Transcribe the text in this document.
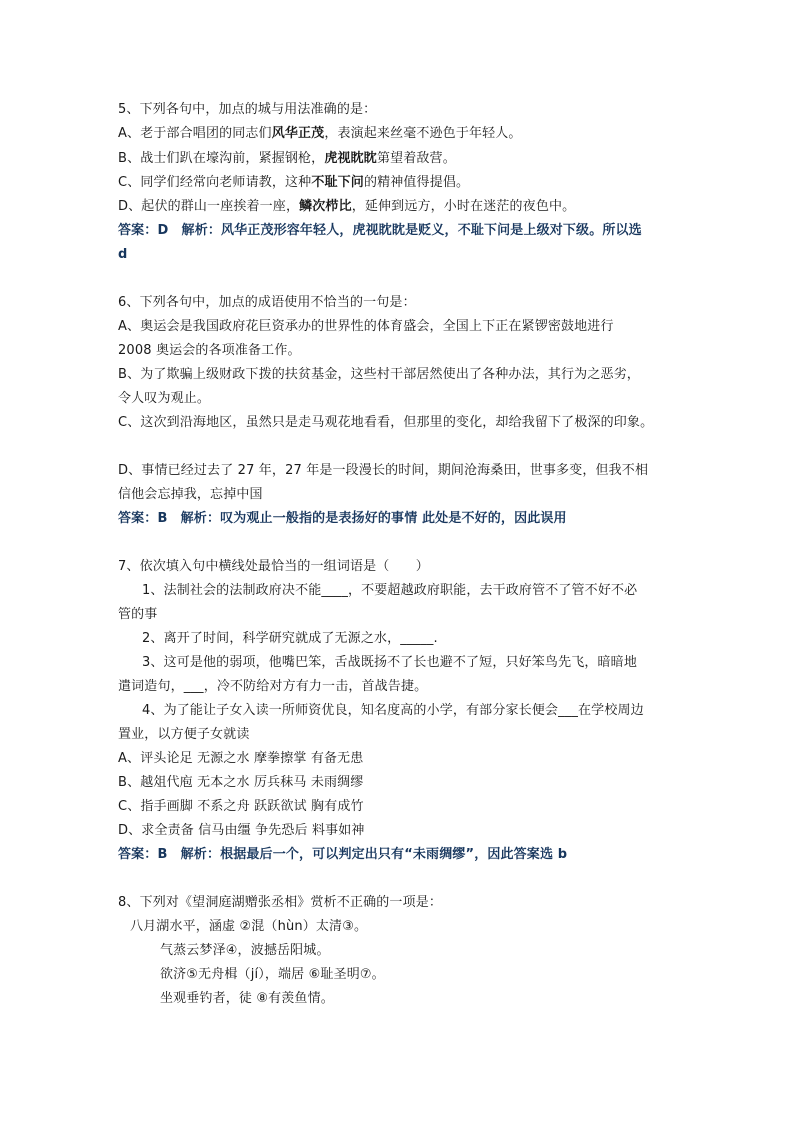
5、下列各句中，加点的城与用法准确的是：
A、老于部合唱团的同志们风华正茂，表演起来丝毫不逊色于年轻人。
B、战士们趴在壕沟前，紧握钢枪，虎视眈眈第望着敌营。
C、同学们经常向老师请教，这种不耻下问的精神值得提倡。
D、起伏的群山一座挨着一座，鳞次栉比，延伸到远方，小时在迷茫的夜色中。
答案：D　解析：风华正茂形容年轻人，虎视眈眈是贬义，不耻下问是上级对下级。所以选
d
6、下列各句中，加点的成语使用不恰当的一句是：
A、奥运会是我国政府花巨资承办的世界性的体育盛会，全国上下正在紧锣密鼓地进行
2008 奥运会的各项准备工作。
B、为了欺骗上级财政下拨的扶贫基金，这些村干部居然使出了各种办法，其行为之恶劣，
令人叹为观止。
C、这次到沿海地区，虽然只是走马观花地看看，但那里的变化，却给我留下了极深的印象。
D、事情已经过去了 27 年，27 年是一段漫长的时间，期间沧海桑田，世事多变，但我不相
信他会忘掉我，忘掉中国
答案：B　解析：叹为观止一般指的是表扬好的事情 此处是不好的，因此误用
7、依次填入句中横线处最恰当的一组词语是（　　）
1、法制社会的法制政府决不能____，不要超越政府职能，去干政府管不了管不好不必
管的事
2、离开了时间，科学研究就成了无源之水，_____.
3、这可是他的弱项，他嘴巴笨，舌战既扬不了长也避不了短，只好笨鸟先飞，暗暗地
遣词造句，___，冷不防给对方有力一击，首战告捷。
4、为了能让子女入读一所师资优良，知名度高的小学，有部分家长便会___在学校周边
置业，以方便子女就读
A、评头论足 无源之水 摩拳擦掌 有备无患
B、越俎代庖 无本之水 厉兵秣马 未雨绸缪
C、指手画脚 不系之舟 跃跃欲试 胸有成竹
D、求全责备 信马由缰 争先恐后 料事如神
答案：B　解析：根据最后一个，可以判定出只有“未雨绸缪”，因此答案选 b
8、下列对《望洞庭湖赠张丞相》赏析不正确的一项是：
八月湖水平，涵虚 ②混（hùn）太清③。
气蒸云梦泽④，波撼岳阳城。
欲济⑤无舟楫（jí），端居 ⑥耻圣明⑦。
坐观垂钓者，徒 ⑧有羡鱼情。
